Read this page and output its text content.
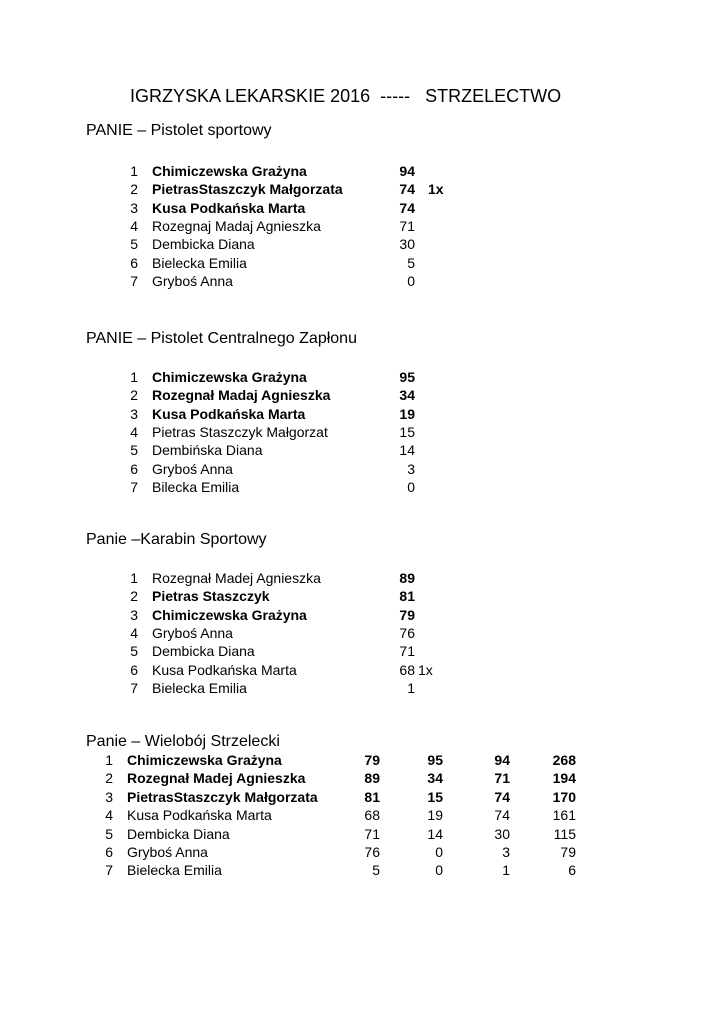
IGRZYSKA LEKARSKIE 2016  -----   STRZELECTWO
PANIE – Pistolet sportowy
1 Chimiczewska Grażyna	94
2 PietrasStaszczyk Małgorzata	74 1x
3 Kusa Podkańska Marta	74
4 Rozegnaj Madaj Agnieszka	71
5 Dembicka Diana	30
6 Bielecka Emilia	5
7 Gryboś Anna	0
PANIE – Pistolet Centralnego Zapłonu
1 Chimiczewska Grażyna	95
2 Rozegnał Madaj Agnieszka	34
3 Kusa Podkańska Marta	19
4 Pietras Staszczyk Małgorzat	15
5 Dembińska Diana	14
6 Gryboś Anna	3
7 Bilecka Emilia	0
Panie –Karabin Sportowy
1 Rozegnał Madej Agnieszka	89
2 Pietras Staszczyk	81
3 Chimiczewska Grażyna	79
4 Gryboś Anna	76
5 Dembicka Diana	71
6 Kusa Podkańska Marta	68 1x
7 Bielecka Emilia	1
Panie – Wielobój Strzelecki
1 Chimiczewska Grażyna	79	95	94	268
2 Rozegnał Madej Agnieszka	89	34	71	194
3 PietrasStaszczyk Małgorzata	81	15	74	170
4 Kusa Podkańska Marta	68	19	74	161
5 Dembicka Diana	71	14	30	115
6 Gryboś Anna	76	0	3	79
7 Bielecka Emilia	5	0	1	6
